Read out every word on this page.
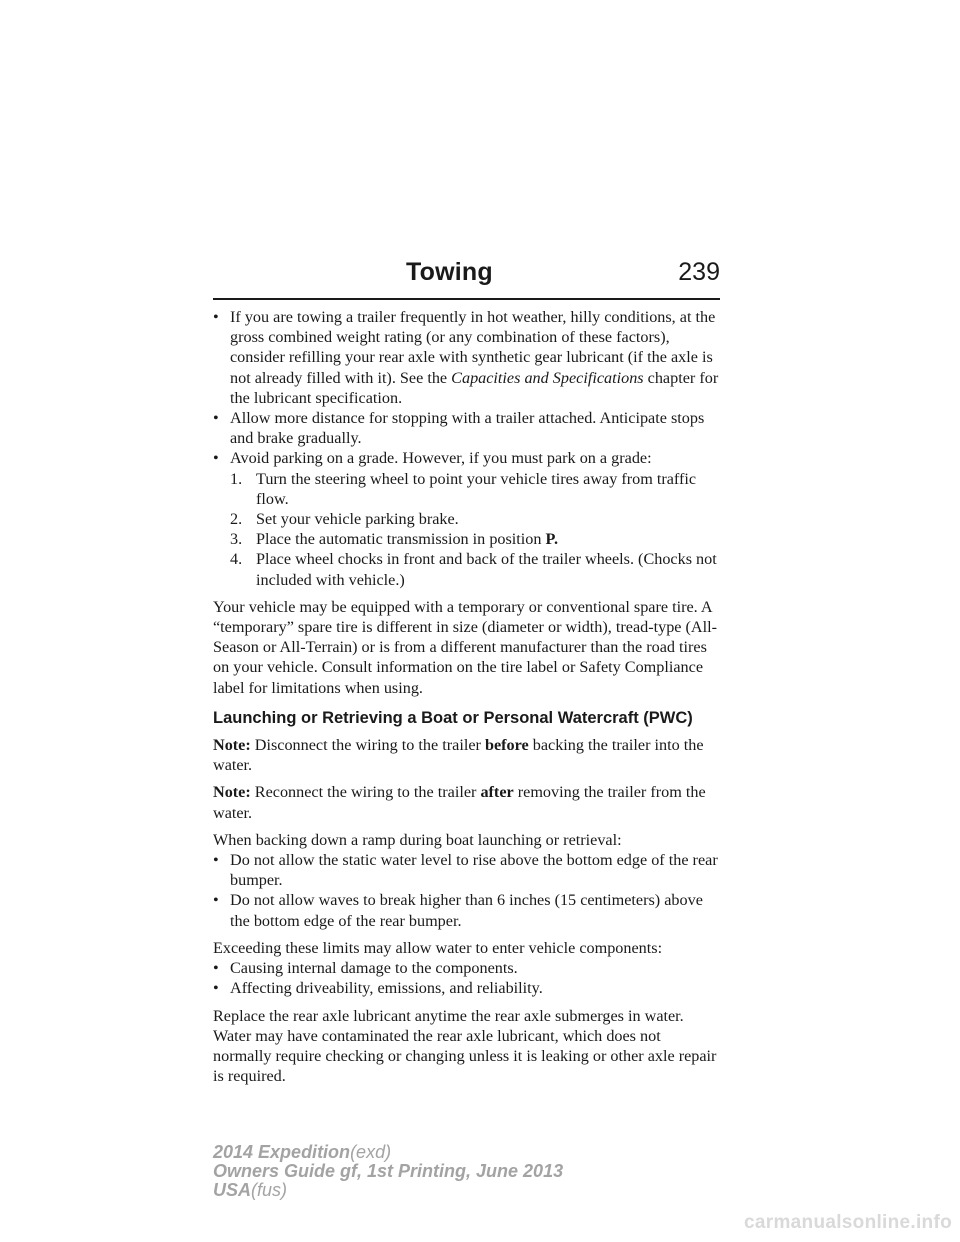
Towing	239
• If you are towing a trailer frequently in hot weather, hilly conditions, at the gross combined weight rating (or any combination of these factors), consider refilling your rear axle with synthetic gear lubricant (if the axle is not already filled with it). See the Capacities and Specifications chapter for the lubricant specification.
• Allow more distance for stopping with a trailer attached. Anticipate stops and brake gradually.
• Avoid parking on a grade. However, if you must park on a grade:
1. Turn the steering wheel to point your vehicle tires away from traffic flow.
2. Set your vehicle parking brake.
3. Place the automatic transmission in position P.
4. Place wheel chocks in front and back of the trailer wheels. (Chocks not included with vehicle.)

Your vehicle may be equipped with a temporary or conventional spare tire. A “temporary” spare tire is different in size (diameter or width), tread-type (All-Season or All-Terrain) or is from a different manufacturer than the road tires on your vehicle. Consult information on the tire label or Safety Compliance label for limitations when using.

Launching or Retrieving a Boat or Personal Watercraft (PWC)

Note: Disconnect the wiring to the trailer before backing the trailer into the water.

Note: Reconnect the wiring to the trailer after removing the trailer from the water.

When backing down a ramp during boat launching or retrieval:

• Do not allow the static water level to rise above the bottom edge of the rear bumper.
• Do not allow waves to break higher than 6 inches (15 centimeters) above the bottom edge of the rear bumper.

Exceeding these limits may allow water to enter vehicle components:

• Causing internal damage to the components.
• Affecting driveability, emissions, and reliability.

Replace the rear axle lubricant anytime the rear axle submerges in water. Water may have contaminated the rear axle lubricant, which does not normally require checking or changing unless it is leaking or other axle repair is required.

2014 Expedition(exd)
Owners Guide gf, 1st Printing, June 2013
USA(fus)
carmanualsonline.info
